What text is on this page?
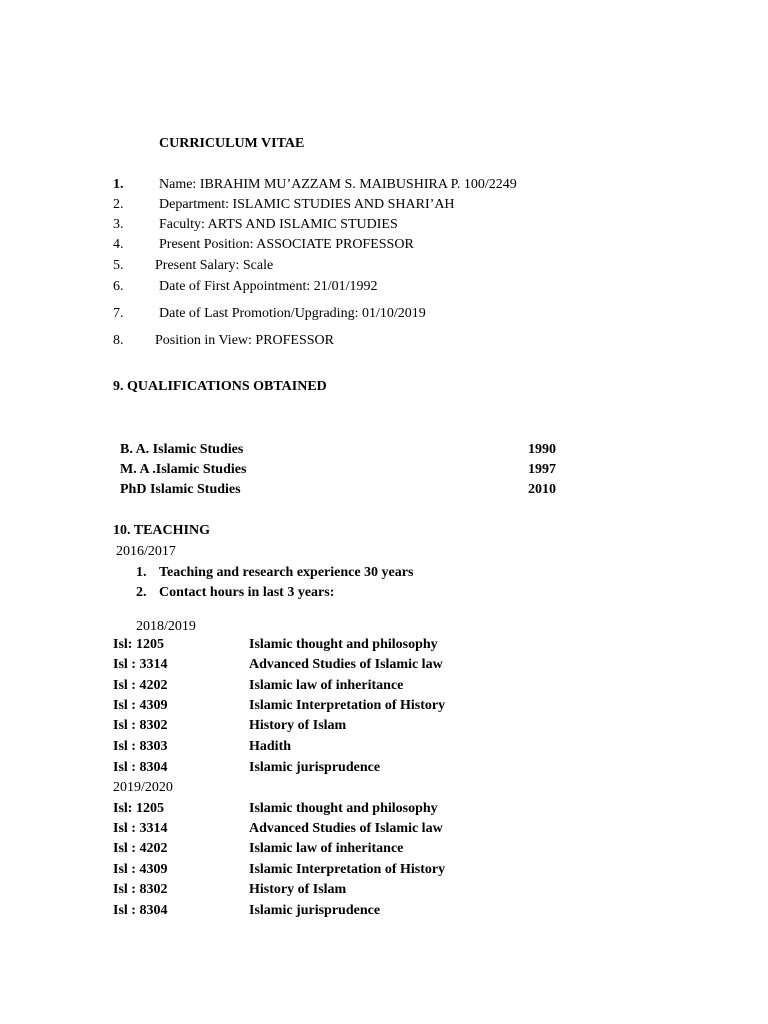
CURRICULUM VITAE
1.	Name: IBRAHIM MU’AZZAM S. MAIBUSHIRA P. 100/2249
2.	Department: ISLAMIC STUDIES AND SHARI’AH
3.	Faculty: ARTS AND ISLAMIC STUDIES
4.	Present Position: ASSOCIATE PROFESSOR
5. Present Salary: Scale
6.	Date of First Appointment: 21/01/1992
7.	Date of Last Promotion/Upgrading: 01/10/2019
8. Position in View: PROFESSOR
9. QUALIFICATIONS OBTAINED
B. A. Islamic Studies	1990
M. A .Islamic Studies	1997
PhD Islamic Studies	2010
10. TEACHING
2016/2017
1. Teaching and research experience 30 years
2. Contact hours in last 3 years:
2018/2019
Isl: 1205	Islamic thought and philosophy
Isl : 3314	Advanced Studies of Islamic law
Isl : 4202	Islamic law of inheritance
Isl : 4309	Islamic Interpretation of History
Isl : 8302	History of Islam
Isl : 8303	Hadith
Isl : 8304	Islamic jurisprudence
2019/2020
Isl: 1205	Islamic thought and philosophy
Isl : 3314	Advanced Studies of Islamic law
Isl : 4202	Islamic law of inheritance
Isl : 4309	Islamic Interpretation of History
Isl : 8302	History of Islam
Isl : 8304	Islamic jurisprudence
